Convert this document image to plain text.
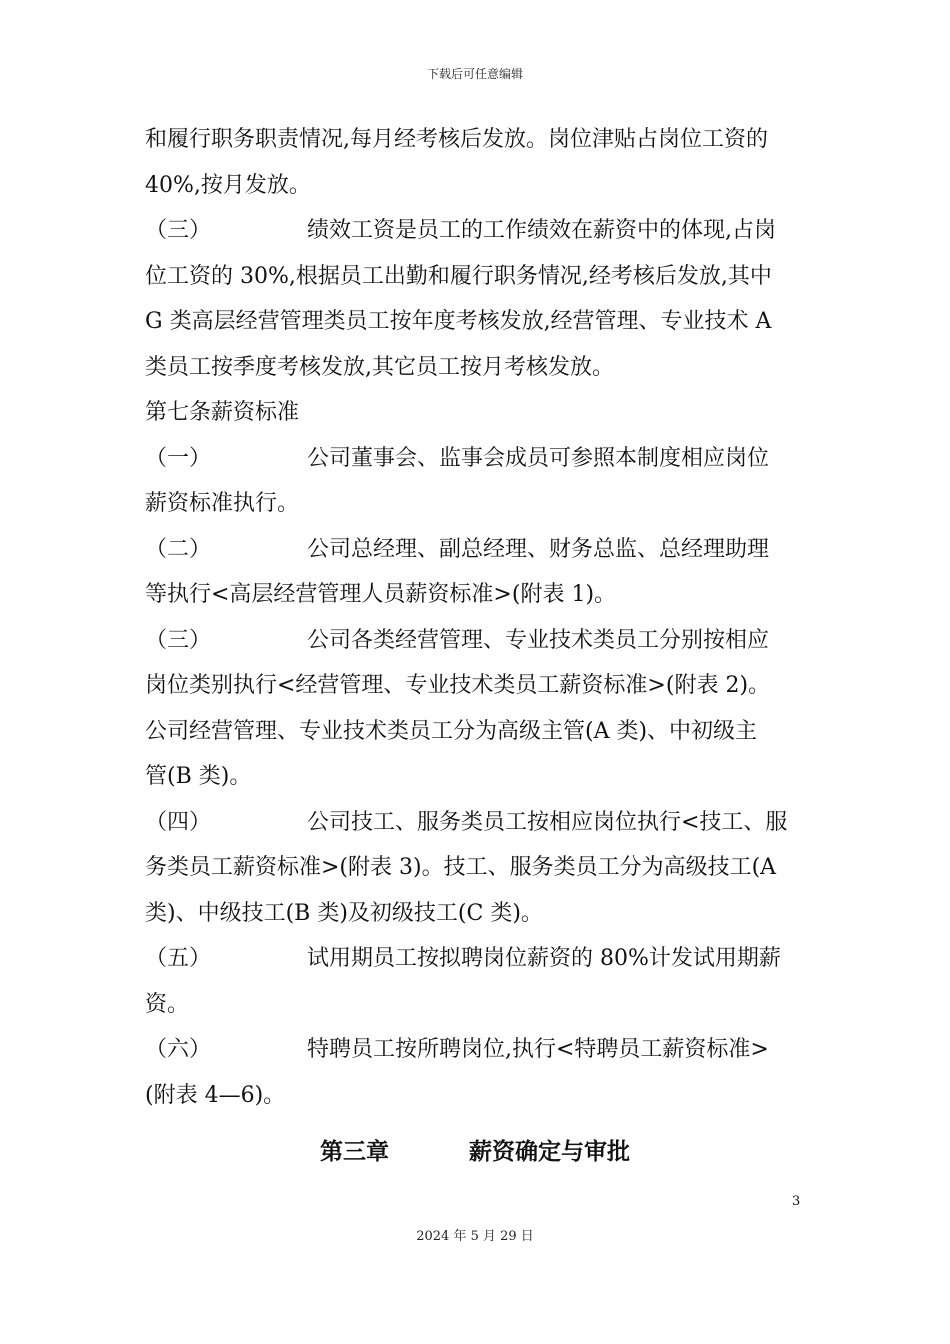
下载后可任意编辑
和履行职务职责情况,每月经考核后发放。岗位津贴占岗位工资的
40%,按月发放。
（三）	绩效工资是员工的工作绩效在薪资中的体现,占岗
位工资的 30%,根据员工出勤和履行职务情况,经考核后发放,其中
G 类高层经营管理类员工按年度考核发放,经营管理、专业技术 A
类员工按季度考核发放,其它员工按月考核发放。
第七条薪资标准
（一）	公司董事会、监事会成员可参照本制度相应岗位
薪资标准执行。
（二）	公司总经理、副总经理、财务总监、总经理助理
等执行<高层经营管理人员薪资标准>(附表 1)。
（三）	公司各类经营管理、专业技术类员工分别按相应
岗位类别执行<经营管理、专业技术类员工薪资标准>(附表 2)。
公司经营管理、专业技术类员工分为高级主管(A 类)、中初级主
管(B 类)。
（四）	公司技工、服务类员工按相应岗位执行<技工、服
务类员工薪资标准>(附表 3)。技工、服务类员工分为高级技工(A
类)、中级技工(B 类)及初级技工(C 类)。
（五）	试用期员工按拟聘岗位薪资的 80%计发试用期薪
资。
（六）	特聘员工按所聘岗位,执行<特聘员工薪资标准>
(附表 4—6)。
第三章	薪资确定与审批
3
2024 年 5 月 29 日
